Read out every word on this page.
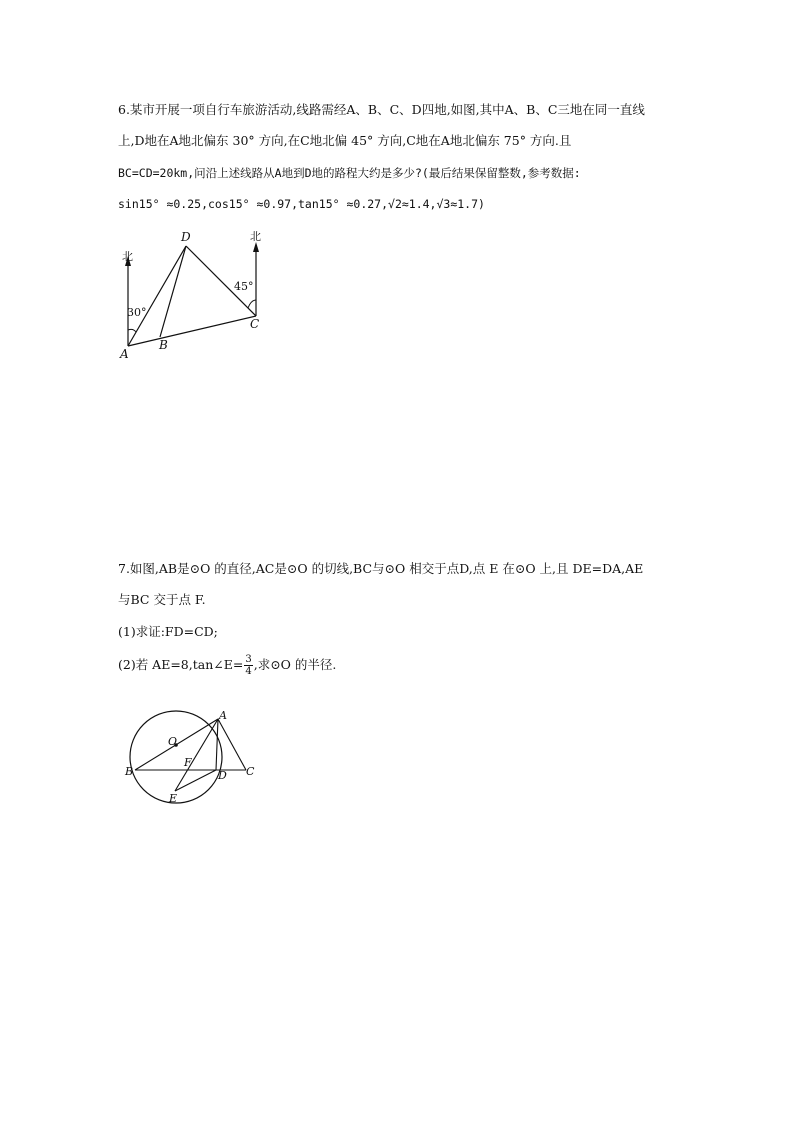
6.某市开展一项自行车旅游活动,线路需经A、B、C、D四地,如图,其中A、B、C三地在同一直线
上,D地在A地北偏东 30° 方向,在C地北偏 45° 方向,C地在A地北偏东 75° 方向.且
BC=CD=20km,问沿上述线路从A地到D地的路程大约是多少?(最后结果保留整数,参考数据:
sin15° ≈0.25,cos15° ≈0.97,tan15° ≈0.27,√2≈1.4,√3≈1.7)
北
北
30°
45°
A
B
C
D
7.如图,AB是⊙O 的直径,AC是⊙O 的切线,BC与⊙O 相交于点D,点 E 在⊙O 上,且 DE=DA,AE
与BC 交于点 F.
(1)求证:FD=CD;
(2)若 AE=8,tan∠E= $\frac{3}{4}$ ,求⊙O 的半径.
A
B	C
D
E
F
O
